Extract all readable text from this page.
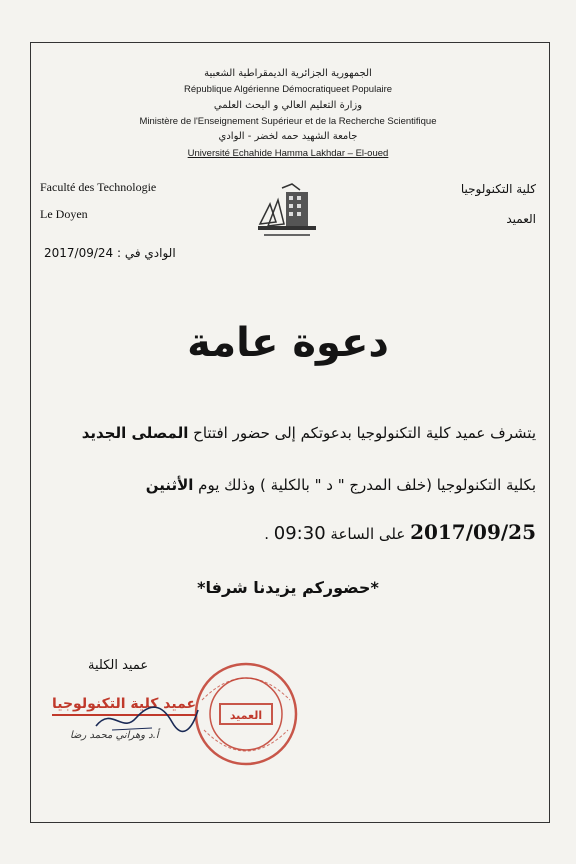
الجمهورية الجزائرية الديمقراطية الشعبية
République Algérienne Démocratiqueet Populaire
وزارة التعليم العالي و البحث العلمي
Ministère de l'Enseignement Supérieur et de la Recherche Scientifique
جامعة الشهيد حمه لخضر - الوادي
Université Echahide Hamma Lakhdar – El-oued
Faculté des Technologie
Le Doyen
كلية التكنولوجيا
العميد
الوادي في : 2017/09/24
دعوة عامة
يتشرف عميد كلية التكنولوجيا بدعوتكم إلى حضور افتتاح المصلى الجديد
بكلية التكنولوجيا (خلف المدرج " د " بالكلية ) وذلك يوم الأثنين
2017/09/25 على الساعة 09:30 .
*حضوركم يزيدنا شرفا*
عميد الكلية
عميد كلية التكنولوجيا
أ.د وهراني محمد رضا
العميد
